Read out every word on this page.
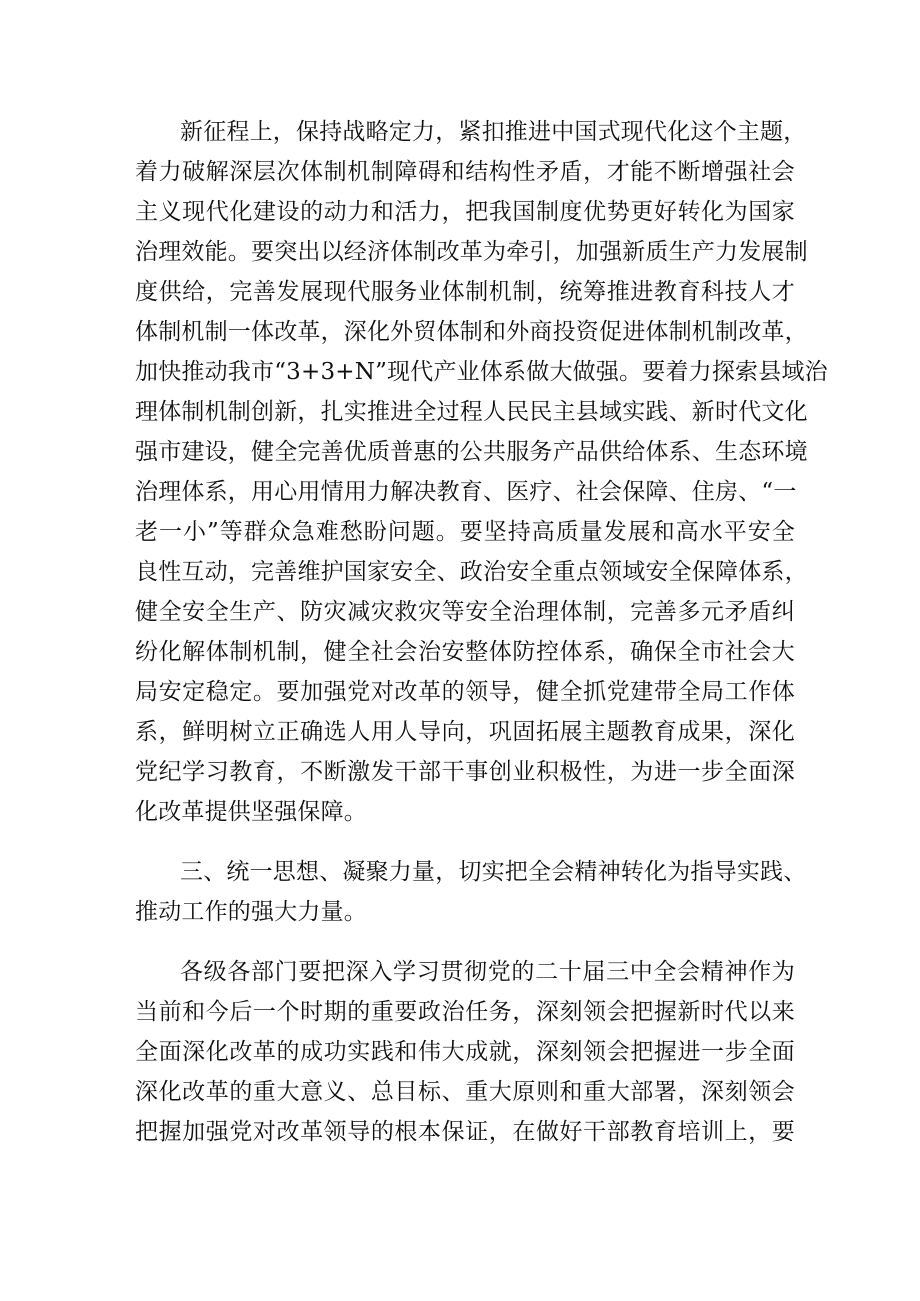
新征程上，保持战略定力，紧扣推进中国式现代化这个主题，
着力破解深层次体制机制障碍和结构性矛盾，才能不断增强社会
主义现代化建设的动力和活力，把我国制度优势更好转化为国家
治理效能。要突出以经济体制改革为牵引，加强新质生产力发展制
度供给，完善发展现代服务业体制机制，统筹推进教育科技人才
体制机制一体改革，深化外贸体制和外商投资促进体制机制改革，
加快推动我市“3+3+N”现代产业体系做大做强。要着力探索县域治
理体制机制创新，扎实推进全过程人民民主县域实践、新时代文化
强市建设，健全完善优质普惠的公共服务产品供给体系、生态环境
治理体系，用心用情用力解决教育、医疗、社会保障、住房、“一
老一小”等群众急难愁盼问题。要坚持高质量发展和高水平安全
良性互动，完善维护国家安全、政治安全重点领域安全保障体系，
健全安全生产、防灾减灾救灾等安全治理体制，完善多元矛盾纠
纷化解体制机制，健全社会治安整体防控体系，确保全市社会大
局安定稳定。要加强党对改革的领导，健全抓党建带全局工作体
系，鲜明树立正确选人用人导向，巩固拓展主题教育成果，深化
党纪学习教育，不断激发干部干事创业积极性，为进一步全面深
化改革提供坚强保障。
三、统一思想、凝聚力量，切实把全会精神转化为指导实践、
推动工作的强大力量。
各级各部门要把深入学习贯彻党的二十届三中全会精神作为
当前和今后一个时期的重要政治任务，深刻领会把握新时代以来
全面深化改革的成功实践和伟大成就，深刻领会把握进一步全面
深化改革的重大意义、总目标、重大原则和重大部署，深刻领会
把握加强党对改革领导的根本保证，在做好干部教育培训上，要
